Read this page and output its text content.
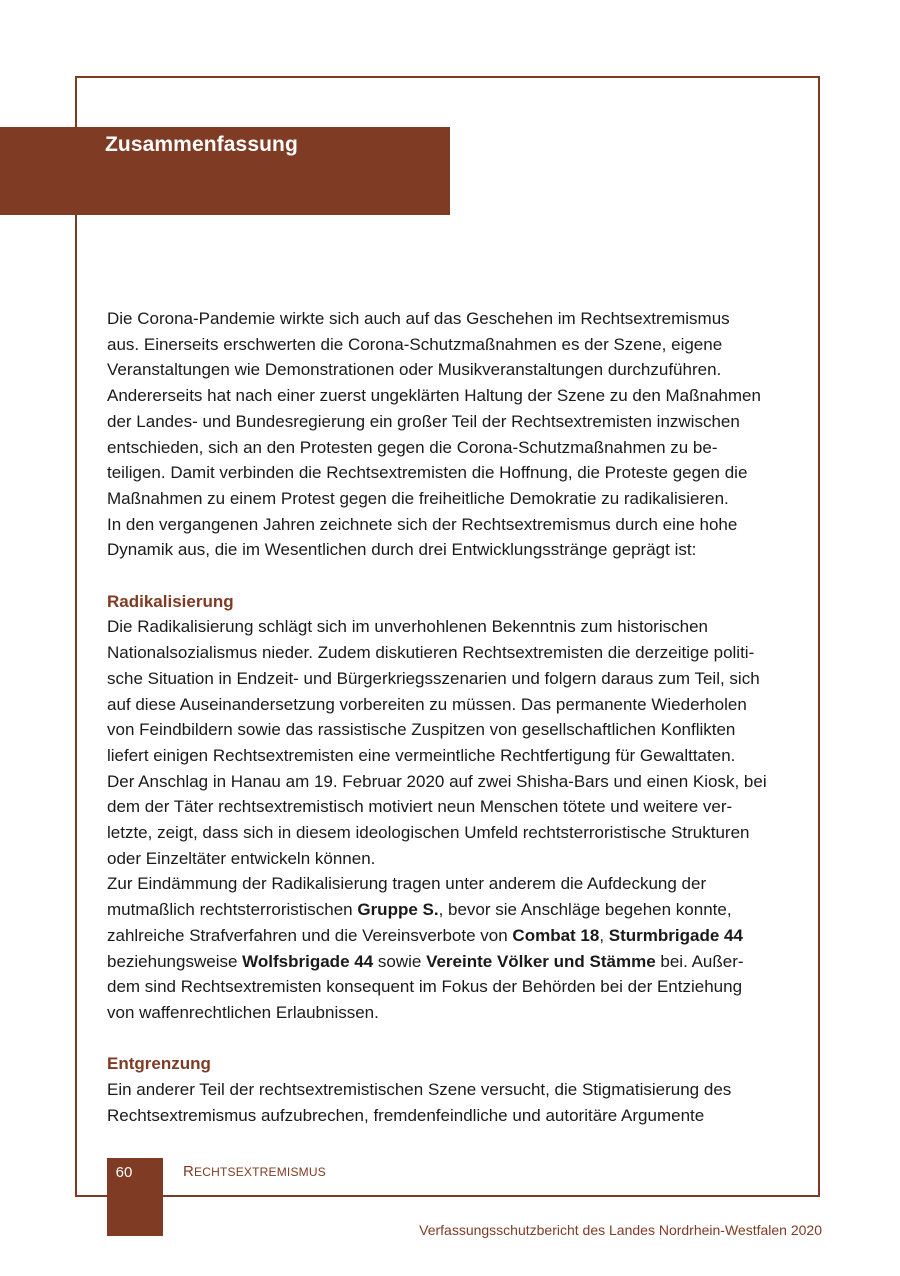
Zusammenfassung
Die Corona-Pandemie wirkte sich auch auf das Geschehen im Rechtsextremismus
aus. Einerseits erschwerten die Corona-Schutzmaßnahmen es der Szene, eigene
Veranstaltungen wie Demonstrationen oder Musikveranstaltungen durchzuführen.
Andererseits hat nach einer zuerst ungeklärten Haltung der Szene zu den Maßnahmen
der Landes- und Bundesregierung ein großer Teil der Rechtsextremisten inzwischen
entschieden, sich an den Protesten gegen die Corona-Schutzmaßnahmen zu be-
teiligen. Damit verbinden die Rechtsextremisten die Hoffnung, die Proteste gegen die
Maßnahmen zu einem Protest gegen die freiheitliche Demokratie zu radikalisieren.
In den vergangenen Jahren zeichnete sich der Rechtsextremismus durch eine hohe
Dynamik aus, die im Wesentlichen durch drei Entwicklungsstränge geprägt ist:
Radikalisierung
Die Radikalisierung schlägt sich im unverhohlenen Bekenntnis zum historischen
Nationalsozialismus nieder. Zudem diskutieren Rechtsextremisten die derzeitige politi-
sche Situation in Endzeit- und Bürgerkriegsszenarien und folgern daraus zum Teil, sich
auf diese Auseinandersetzung vorbereiten zu müssen. Das permanente Wiederholen
von Feindbildern sowie das rassistische Zuspitzen von gesellschaftlichen Konflikten
liefert einigen Rechtsextremisten eine vermeintliche Rechtfertigung für Gewalttaten.
Der Anschlag in Hanau am 19. Februar 2020 auf zwei Shisha-Bars und einen Kiosk, bei
dem der Täter rechtsextremistisch motiviert neun Menschen tötete und weitere ver-
letzte, zeigt, dass sich in diesem ideologischen Umfeld rechtsterroristische Strukturen
oder Einzeltäter entwickeln können.
Zur Eindämmung der Radikalisierung tragen unter anderem die Aufdeckung der
mutmaßlich rechtsterroristischen Gruppe S., bevor sie Anschläge begehen konnte,
zahlreiche Strafverfahren und die Vereinsverbote von Combat 18, Sturmbrigade 44
beziehungsweise Wolfsbrigade 44 sowie Vereinte Völker und Stämme bei. Außer-
dem sind Rechtsextremisten konsequent im Fokus der Behörden bei der Entziehung
von waffenrechtlichen Erlaubnissen.
Entgrenzung
Ein anderer Teil der rechtsextremistischen Szene versucht, die Stigmatisierung des
Rechtsextremismus aufzubrechen, fremdenfeindliche und autoritäre Argumente
60	RECHTSEXTREMISMUS
Verfassungsschutzbericht des Landes Nordrhein-Westfalen 2020
